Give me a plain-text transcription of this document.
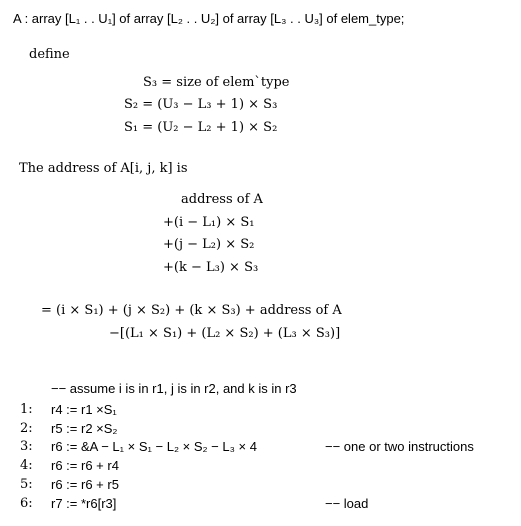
A : array [L₁ . . U₁] of array [L₂ . . U₂] of array [L₃ . . U₃] of elem_type;
define
S₃ = size of elemˋtype
S₂ = (U₃ − L₃ + 1) × S₃
S₁ = (U₂ − L₂ + 1) × S₂
The address of A[i, j, k] is
address of A
+(i − L₁) × S₁
+(j − L₂) × S₂
+(k − L₃) × S₃
= (i × S₁) + (j × S₂) + (k × S₃) + address of A
−[(L₁ × S₁) + (L₂ × S₂) + (L₃ × S₃)]
−− assume i is in r1, j is in r2, and k is in r3
1: r4 := r1 ×S₁
2: r5 := r2 ×S₂
3: r6 := &A − L₁ × S₁ − L₂ × S₂ − L₃ × 4	−− one or two instructions
4: r6 := r6 + r4
5: r6 := r6 + r5
6: r7 := *r6[r3]	−− load
